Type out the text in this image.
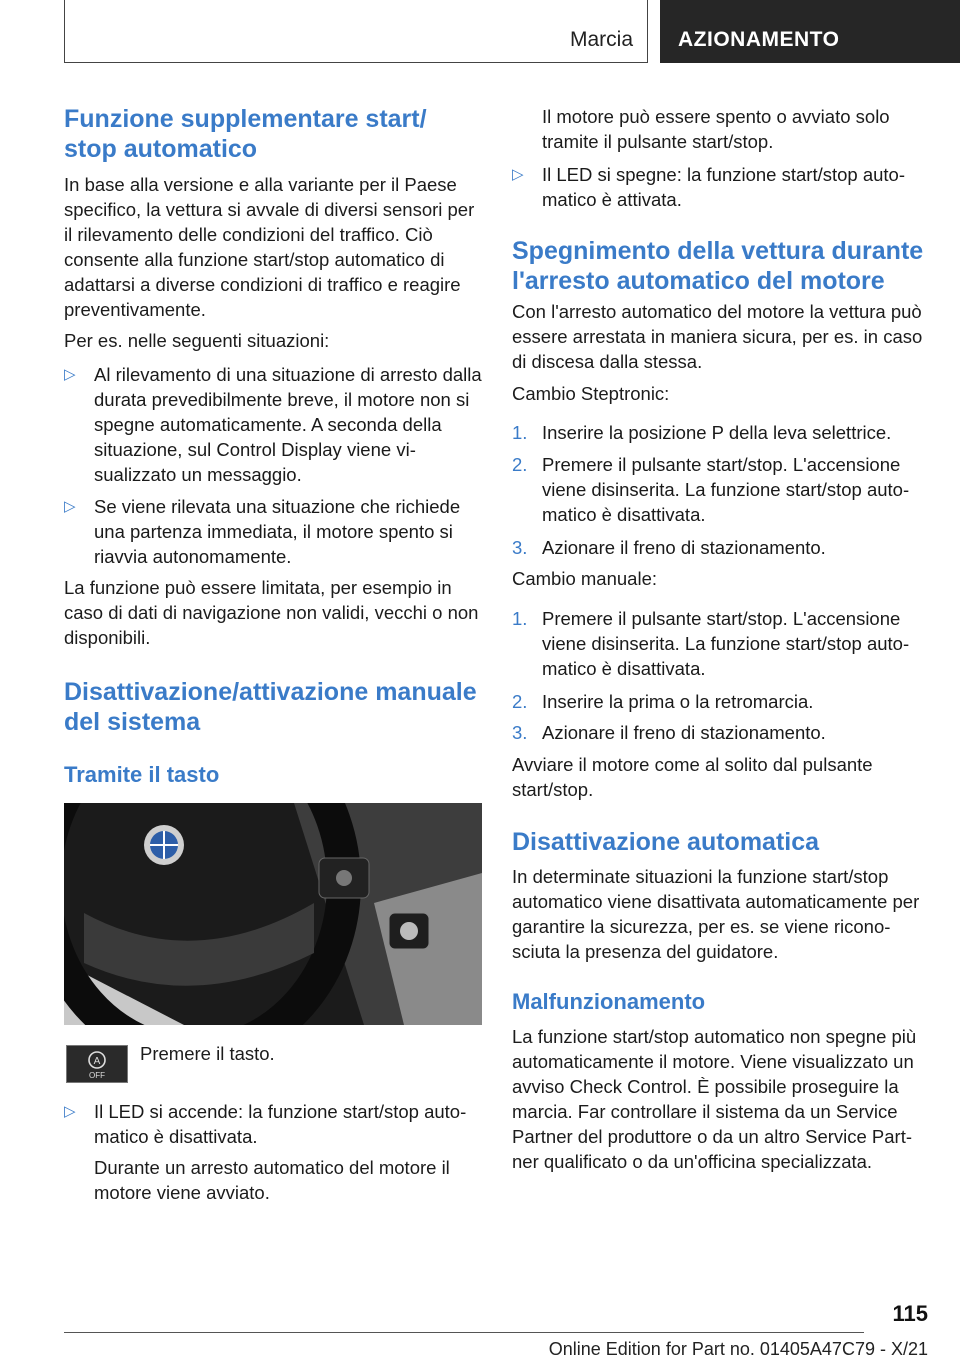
Marcia AZIONAMENTO
Funzione supplementare start/ stop automatico
In base alla versione e alla variante per il Paese specifico, la vettura si avvale di diversi sensori per il rilevamento delle condizioni del traffico. Ciò consente alla funzione start/stop automatico di adattarsi a diverse condizioni di traffico e reagire preventivamente.
Per es. nelle seguenti situazioni:
▷ Al rilevamento di una situazione di arresto dalla durata prevedibilmente breve, il motore non si spegne automaticamente. A seconda della situazione, sul Control Display viene visualizzato un messaggio.
▷ Se viene rilevata una situazione che richiede una partenza immediata, il motore spento si riavvia autonomamente.
La funzione può essere limitata, per esempio in caso di dati di navigazione non validi, vecchi o non disponibili.
Disattivazione/attivazione manuale del sistema
Tramite il tasto
A
OFF
Premere il tasto.
▷ Il LED si accende: la funzione start/stop automatico è disattivata.
Durante un arresto automatico del motore il motore viene avviato.
Il motore può essere spento o avviato solo tramite il pulsante start/stop.
▷ Il LED si spegne: la funzione start/stop automatico è attivata.
Spegnimento della vettura durante l'arresto automatico del motore
Con l'arresto automatico del motore la vettura può essere arrestata in maniera sicura, per es. in caso di discesa dalla stessa.
Cambio Steptronic:
1. Inserire la posizione P della leva selettrice.
2. Premere il pulsante start/stop. L'accensione viene disinserita. La funzione start/stop automatico è disattivata.
3. Azionare il freno di stazionamento.
Cambio manuale:
1. Premere il pulsante start/stop. L'accensione viene disinserita. La funzione start/stop automatico è disattivata.
2. Inserire la prima o la retromarcia.
3. Azionare il freno di stazionamento.
Avviare il motore come al solito dal pulsante start/stop.
Disattivazione automatica
In determinate situazioni la funzione start/stop automatico viene disattivata automaticamente per garantire la sicurezza, per es. se viene riconosciuta la presenza del guidatore.
Malfunzionamento
La funzione start/stop automatico non spegne più automaticamente il motore. Viene visualizzato un avviso Check Control. È possibile proseguire la marcia. Far controllare il sistema da un Service Partner del produttore o da un altro Service Partner qualificato o da un'officina specializzata.
115
Online Edition for Part no. 01405A47C79 - X/21
